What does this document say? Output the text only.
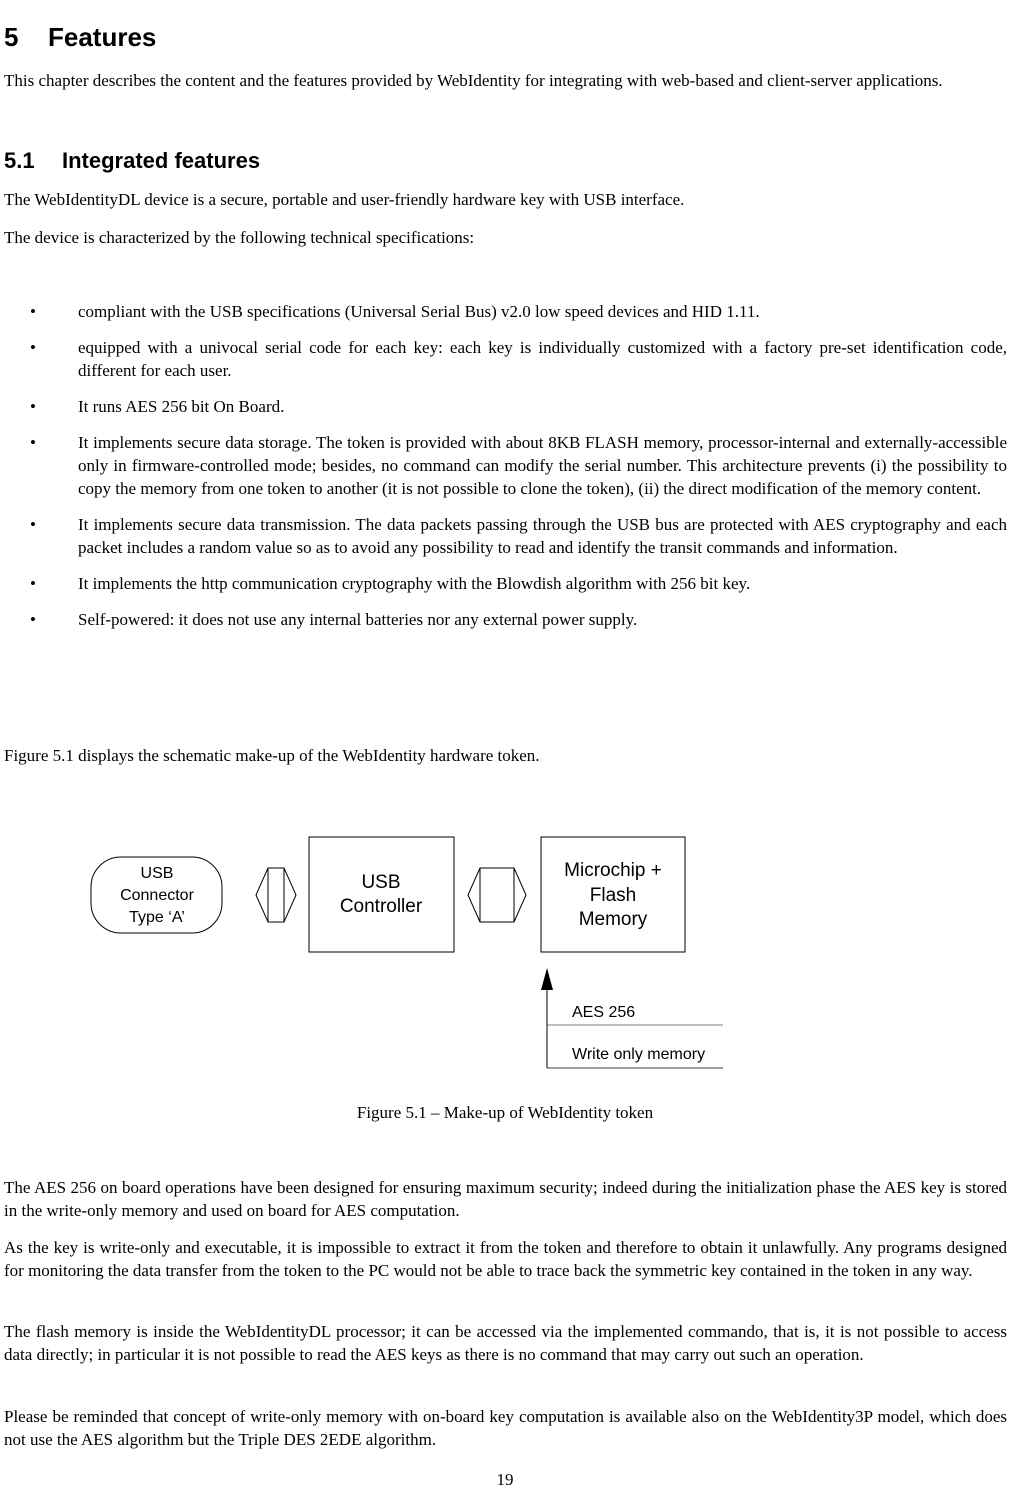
5 Features

This chapter describes the content and the features provided by WebIdentity for integrating with web-based and client-server applications.

5.1 Integrated features

The WebIdentityDL device is a secure, portable and user-friendly hardware key with USB interface.

The device is characterized by the following technical specifications:

• compliant with the USB specifications (Universal Serial Bus) v2.0 low speed devices and HID 1.11.
• equipped with a univocal serial code for each key: each key is individually customized with a factory pre-set identification code, different for each user.
• It runs AES 256 bit On Board.
• It implements secure data storage. The token is provided with about 8KB FLASH memory, processor-internal and externally-accessible only in firmware-controlled mode; besides, no command can modify the serial number. This architecture prevents (i) the possibility to copy the memory from one token to another (it is not possible to clone the token), (ii) the direct modification of the memory content.
• It implements secure data transmission. The data packets passing through the USB bus are protected with AES cryptography and each packet includes a random value so as to avoid any possibility to read and identify the transit commands and information.
• It implements the http communication cryptography with the Blowdish algorithm with 256 bit key.
• Self-powered: it does not use any internal batteries nor any external power supply.

Figure 5.1 displays the schematic make-up of the WebIdentity hardware token.

USB
Connector
Type ‘A’
USB
Controller
Microchip +
Flash
Memory
AES 256
Write only memory
Figure 5.1 – Make-up of WebIdentity token

The AES 256 on board operations have been designed for ensuring maximum security; indeed during the initialization phase the AES key is stored in the write-only memory and used on board for AES computation.

As the key is write-only and executable, it is impossible to extract it from the token and therefore to obtain it unlawfully. Any programs designed for monitoring the data transfer from the token to the PC would not be able to trace back the symmetric key contained in the token in any way.

The flash memory is inside the WebIdentityDL processor; it can be accessed via the implemented commando, that is, it is not possible to access data directly; in particular it is not possible to read the AES keys as there is no command that may carry out such an operation.

Please be reminded that concept of write-only memory with on-board key computation is available also on the WebIdentity3P model, which does not use the AES algorithm but the Triple DES 2EDE algorithm.

19
